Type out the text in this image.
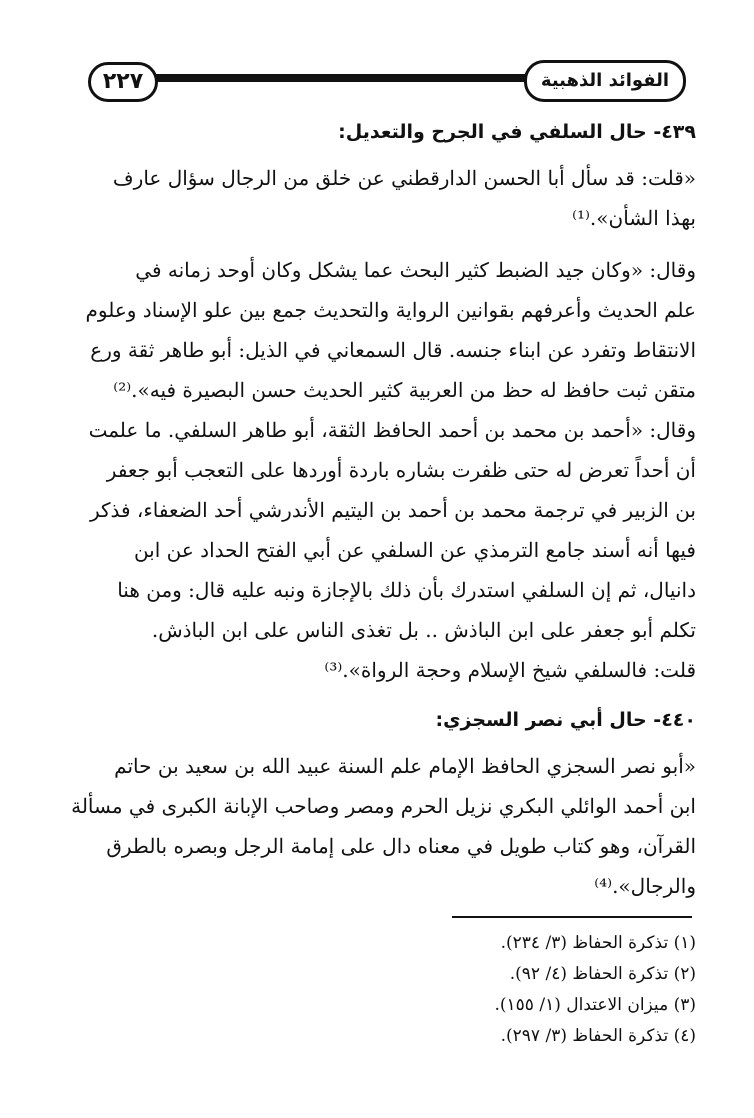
٢٢٧	الفوائد الذهبية
٤٣٩- حال السلفي في الجرح والتعديل:
«قلت: قد سأل أبا الحسن الدارقطني عن خلق من الرجال سؤال عارف
بهذا الشأن».⁽¹⁾
وقال: «وكان جيد الضبط كثير البحث عما يشكل وكان أوحد زمانه في
علم الحديث وأعرفهم بقوانين الرواية والتحديث جمع بين علو الإسناد وعلوم
الانتقاط وتفرد عن ابناء جنسه. قال السمعاني في الذيل: أبو طاهر ثقة ورع
متقن ثبت حافظ له حظ من العربية كثير الحديث حسن البصيرة فيه».⁽²⁾
وقال: «أحمد بن محمد بن أحمد الحافظ الثقة، أبو طاهر السلفي. ما علمت
أن أحداً تعرض له حتى ظفرت بشاره باردة أوردها على التعجب أبو جعفر
بن الزبير في ترجمة محمد بن أحمد بن اليتيم الأندرشي أحد الضعفاء، فذكر
فيها أنه أسند جامع الترمذي عن السلفي عن أبي الفتح الحداد عن ابن
دانيال، ثم إن السلفي استدرك بأن ذلك بالإجازة ونبه عليه قال: ومن هنا
تكلم أبو جعفر على ابن الباذش .. بل تغذى الناس على ابن الباذش.
قلت: فالسلفي شيخ الإسلام وحجة الرواة».⁽³⁾
٤٤٠- حال أبي نصر السجزي:
«أبو نصر السجزي الحافظ الإمام علم السنة عبيد الله بن سعيد بن حاتم
ابن أحمد الوائلي البكري نزيل الحرم ومصر وصاحب الإبانة الكبرى في مسألة
القرآن، وهو كتاب طويل في معناه دال على إمامة الرجل وبصره بالطرق
والرجال».⁽⁴⁾
(١) تذكرة الحفاظ (٣/ ٢٣٤).
(٢) تذكرة الحفاظ (٤/ ٩٢).
(٣) ميزان الاعتدال (١/ ١٥٥).
(٤) تذكرة الحفاظ (٣/ ٢٩٧).
